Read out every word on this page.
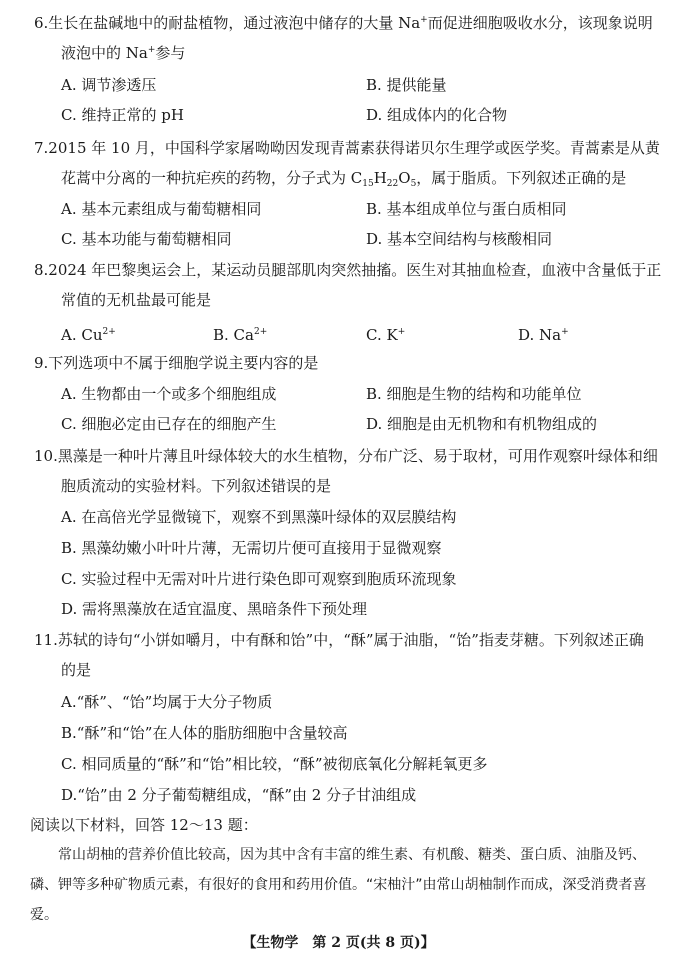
6.生长在盐碱地中的耐盐植物，通过液泡中储存的大量 Na+而促进细胞吸收水分，该现象说明
液泡中的 Na+参与
A. 调节渗透压	B. 提供能量
C. 维持正常的 pH	D. 组成体内的化合物
7.2015 年 10 月，中国科学家屠呦呦因发现青蒿素获得诺贝尔生理学或医学奖。青蒿素是从黄
花蒿中分离的一种抗疟疾的药物，分子式为 $C_{15}H_{22}O_5$，属于脂质。下列叙述正确的是
A. 基本元素组成与葡萄糖相同	B. 基本组成单位与蛋白质相同
C. 基本功能与葡萄糖相同	D. 基本空间结构与核酸相同
8.2024 年巴黎奥运会上，某运动员腿部肌肉突然抽搐。医生对其抽血检查，血液中含量低于正
常值的无机盐最可能是
A. $Cu^{2+}$	B. $Ca^{2+}$	C. K+	D. Na+
9.下列选项中不属于细胞学说主要内容的是
A. 生物都由一个或多个细胞组成	B. 细胞是生物的结构和功能单位
C. 细胞必定由已存在的细胞产生	D. 细胞是由无机物和有机物组成的
10.黑藻是一种叶片薄且叶绿体较大的水生植物，分布广泛、易于取材，可用作观察叶绿体和细
胞质流动的实验材料。下列叙述错误的是
A. 在高倍光学显微镜下，观察不到黑藻叶绿体的双层膜结构
B. 黑藻幼嫩小叶叶片薄，无需切片便可直接用于显微观察
C. 实验过程中无需对叶片进行染色即可观察到胞质环流现象
D. 需将黑藻放在适宜温度、黑暗条件下预处理
11.苏轼的诗句“小饼如嚼月，中有酥和饴”中，“酥”属于油脂，“饴”指麦芽糖。下列叙述正确
的是
A.“酥”、“饴”均属于大分子物质
B.“酥”和“饴”在人体的脂肪细胞中含量较高
C. 相同质量的“酥”和“饴”相比较，“酥”被彻底氧化分解耗氧更多
D.“饴”由 2 分子葡萄糖组成，“酥”由 2 分子甘油组成
阅读以下材料，回答 12～13 题：

常山胡柚的营养价值比较高，因为其中含有丰富的维生素、有机酸、糖类、蛋白质、油脂及钙、磷、钾等多种矿物质元素，有很好的食用和药用价值。“宋柚汁”由常山胡柚制作而成，深受消费者喜爱。

【生物学　第 2 页(共 8 页)】
